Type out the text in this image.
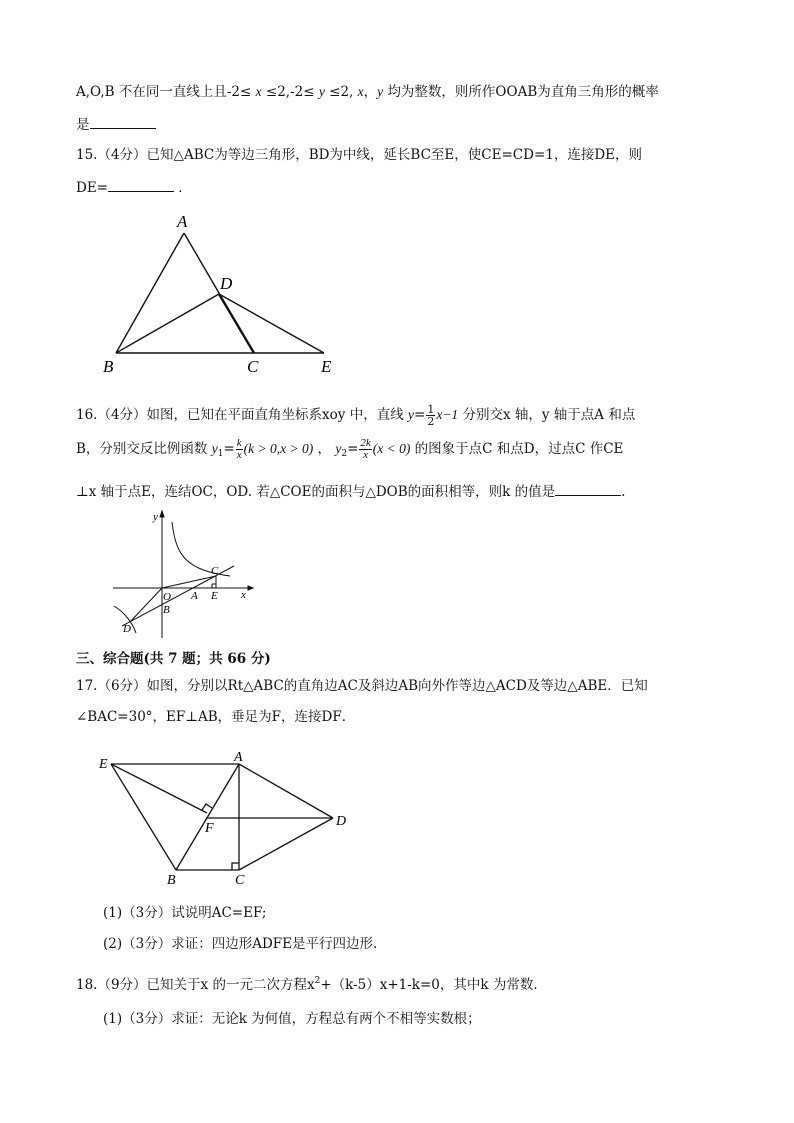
A,O,B 不在同一直线上且-2≤ x ≤2,-2≤ y ≤2, x，y 均为整数，则所作OOAB为直角三角形的概率
是
15.（4分）已知△ABC为等边三角形，BD为中线，延长BC至E，使CE=CD=1，连接DE，则
DE=	．
A
B	C
D
E
16.（4分）如图，已知在平面直角坐标系xoy 中，直线 $y= \frac{1}{2} x-1$ 分别交x 轴，y 轴于点A 和点
B，分别交反比例函数 $y_1= \frac{k}{x} (k > 0,x > 0)$ ， $y_2= \frac{2k}{x} (x < 0)$ 的图象于点C 和点D，过点C 作CE
⊥x 轴于点E，连结OC，OD. 若△COE的面积与△DOB的面积相等，则k 的值是	.
y
x
O A
B
C
D
E
三、综合题(共 7 题；共 66 分)
17.（6分）如图，分别以Rt△ABC的直角边AC及斜边AB向外作等边△ACD及等边△ABE．已知
∠BAC=30°，EF⊥AB，垂足为F，连接DF．
E	A
D
F
B	C
(1)（3分）试说明AC=EF;
(2)（3分）求证：四边形ADFE是平行四边形.
18.（9分）已知关于x 的一元二次方程$x^2+(k-5)x+1-k=0$，其中k 为常数．
(1)（3分）求证：无论k 为何值，方程总有两个不相等实数根；
